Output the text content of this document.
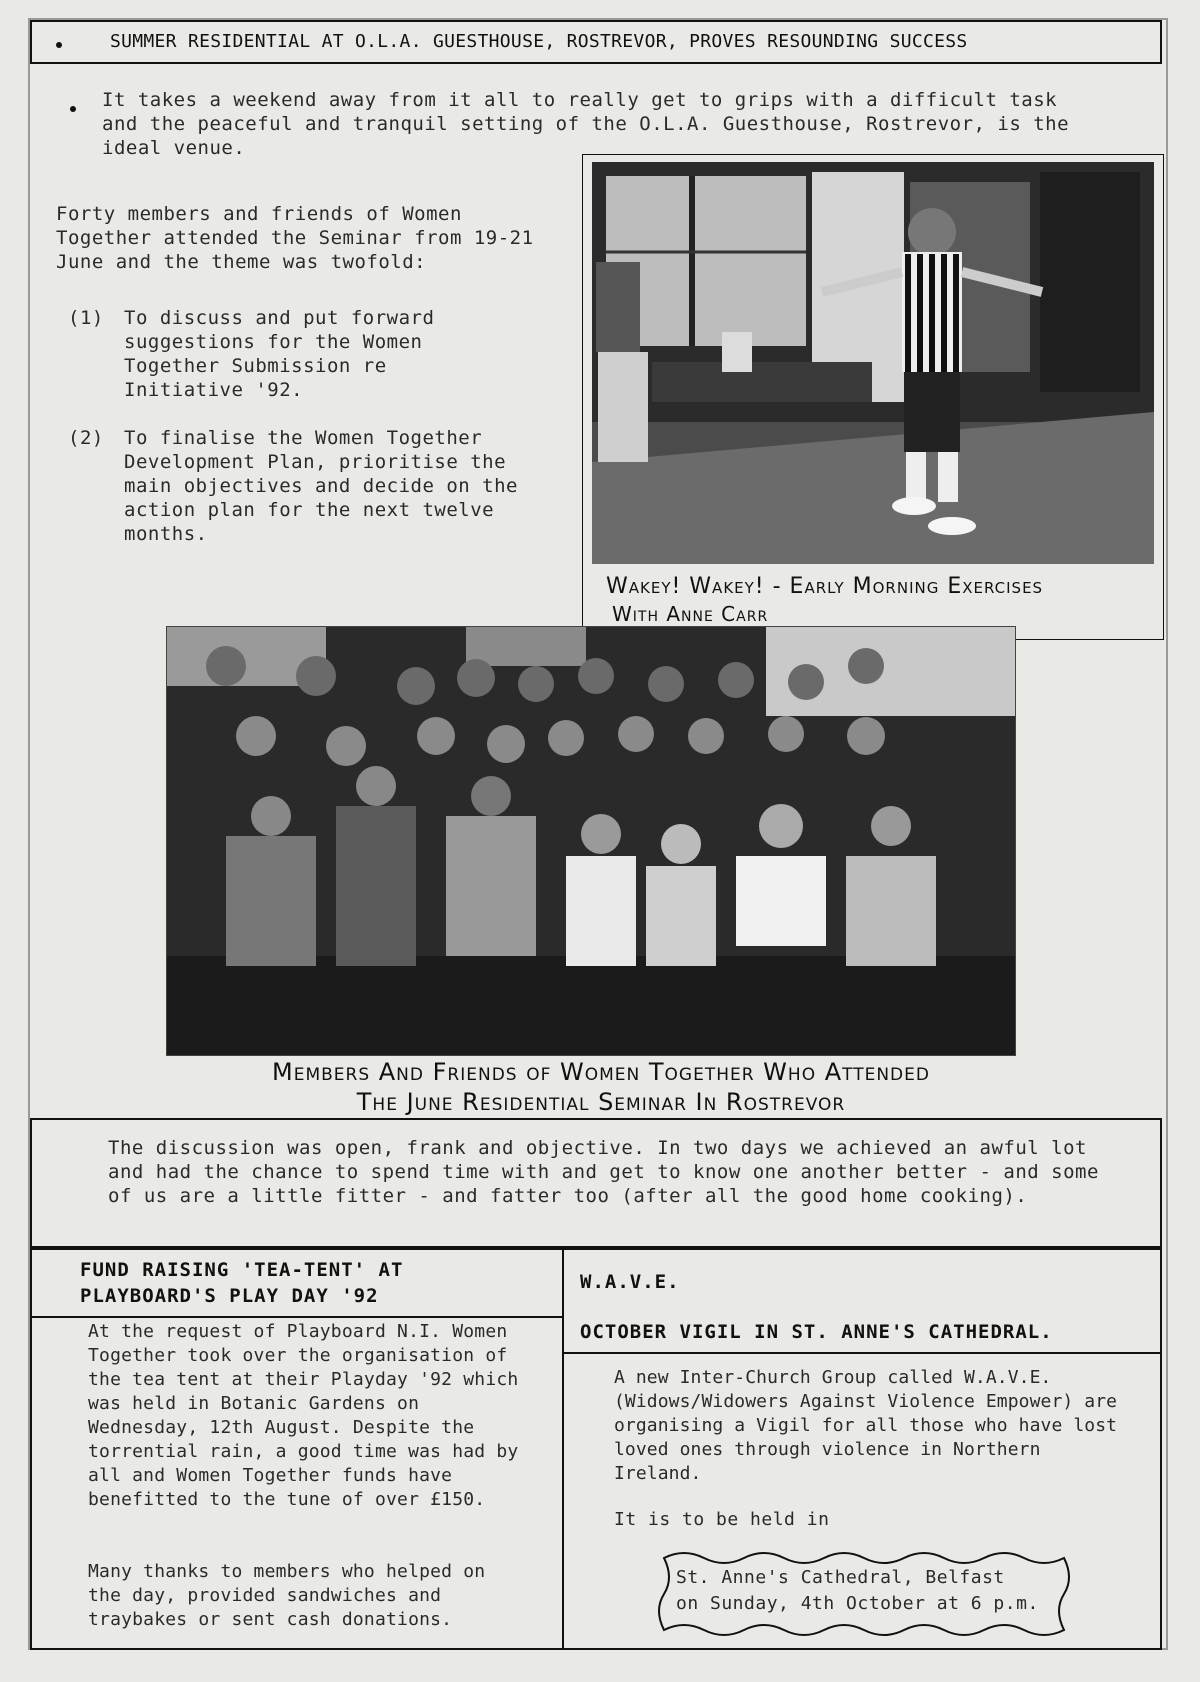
SUMMER RESIDENTIAL AT O.L.A. GUESTHOUSE, ROSTREVOR, PROVES RESOUNDING SUCCESS

It takes a weekend away from it all to really get to grips with a difficult task and the peaceful and tranquil setting of the O.L.A. Guesthouse, Rostrevor, is the ideal venue.

Forty members and friends of Women Together attended the Seminar from 19-21 June and the theme was twofold:

(1) To discuss and put forward suggestions for the Women Together Submission re Initiative '92.

(2) To finalise the Women Together Development Plan, prioritise the main objectives and decide on the action plan for the next twelve months.

Wakey! Wakey! - Early Morning Exercises
With Anne Carr
Members And Friends of Women Together Who Attended
The June Residential Seminar In Rostrevor

The discussion was open, frank and objective. In two days we achieved an awful lot and had the chance to spend time with and get to know one another better - and some of us are a little fitter - and fatter too (after all the good home cooking).

FUND RAISING 'TEA-TENT' AT
PLAYBOARD'S PLAY DAY '92

At the request of Playboard N.I. Women Together took over the organisation of the tea tent at their Playday '92 which was held in Botanic Gardens on Wednesday, 12th August. Despite the torrential rain, a good time was had by all and Women Together funds have benefitted to the tune of over £150.

Many thanks to members who helped on the day, provided sandwiches and traybakes or sent cash donations.

W.A.V.E.
OCTOBER VIGIL IN ST. ANNE'S CATHEDRAL.

A new Inter-Church Group called W.A.V.E. (Widows/Widowers Against Violence Empower) are organising a Vigil for all those who have lost loved ones through violence in Northern Ireland.

It is to be held in

St. Anne's Cathedral, Belfast
on Sunday, 4th October at 6 p.m.
